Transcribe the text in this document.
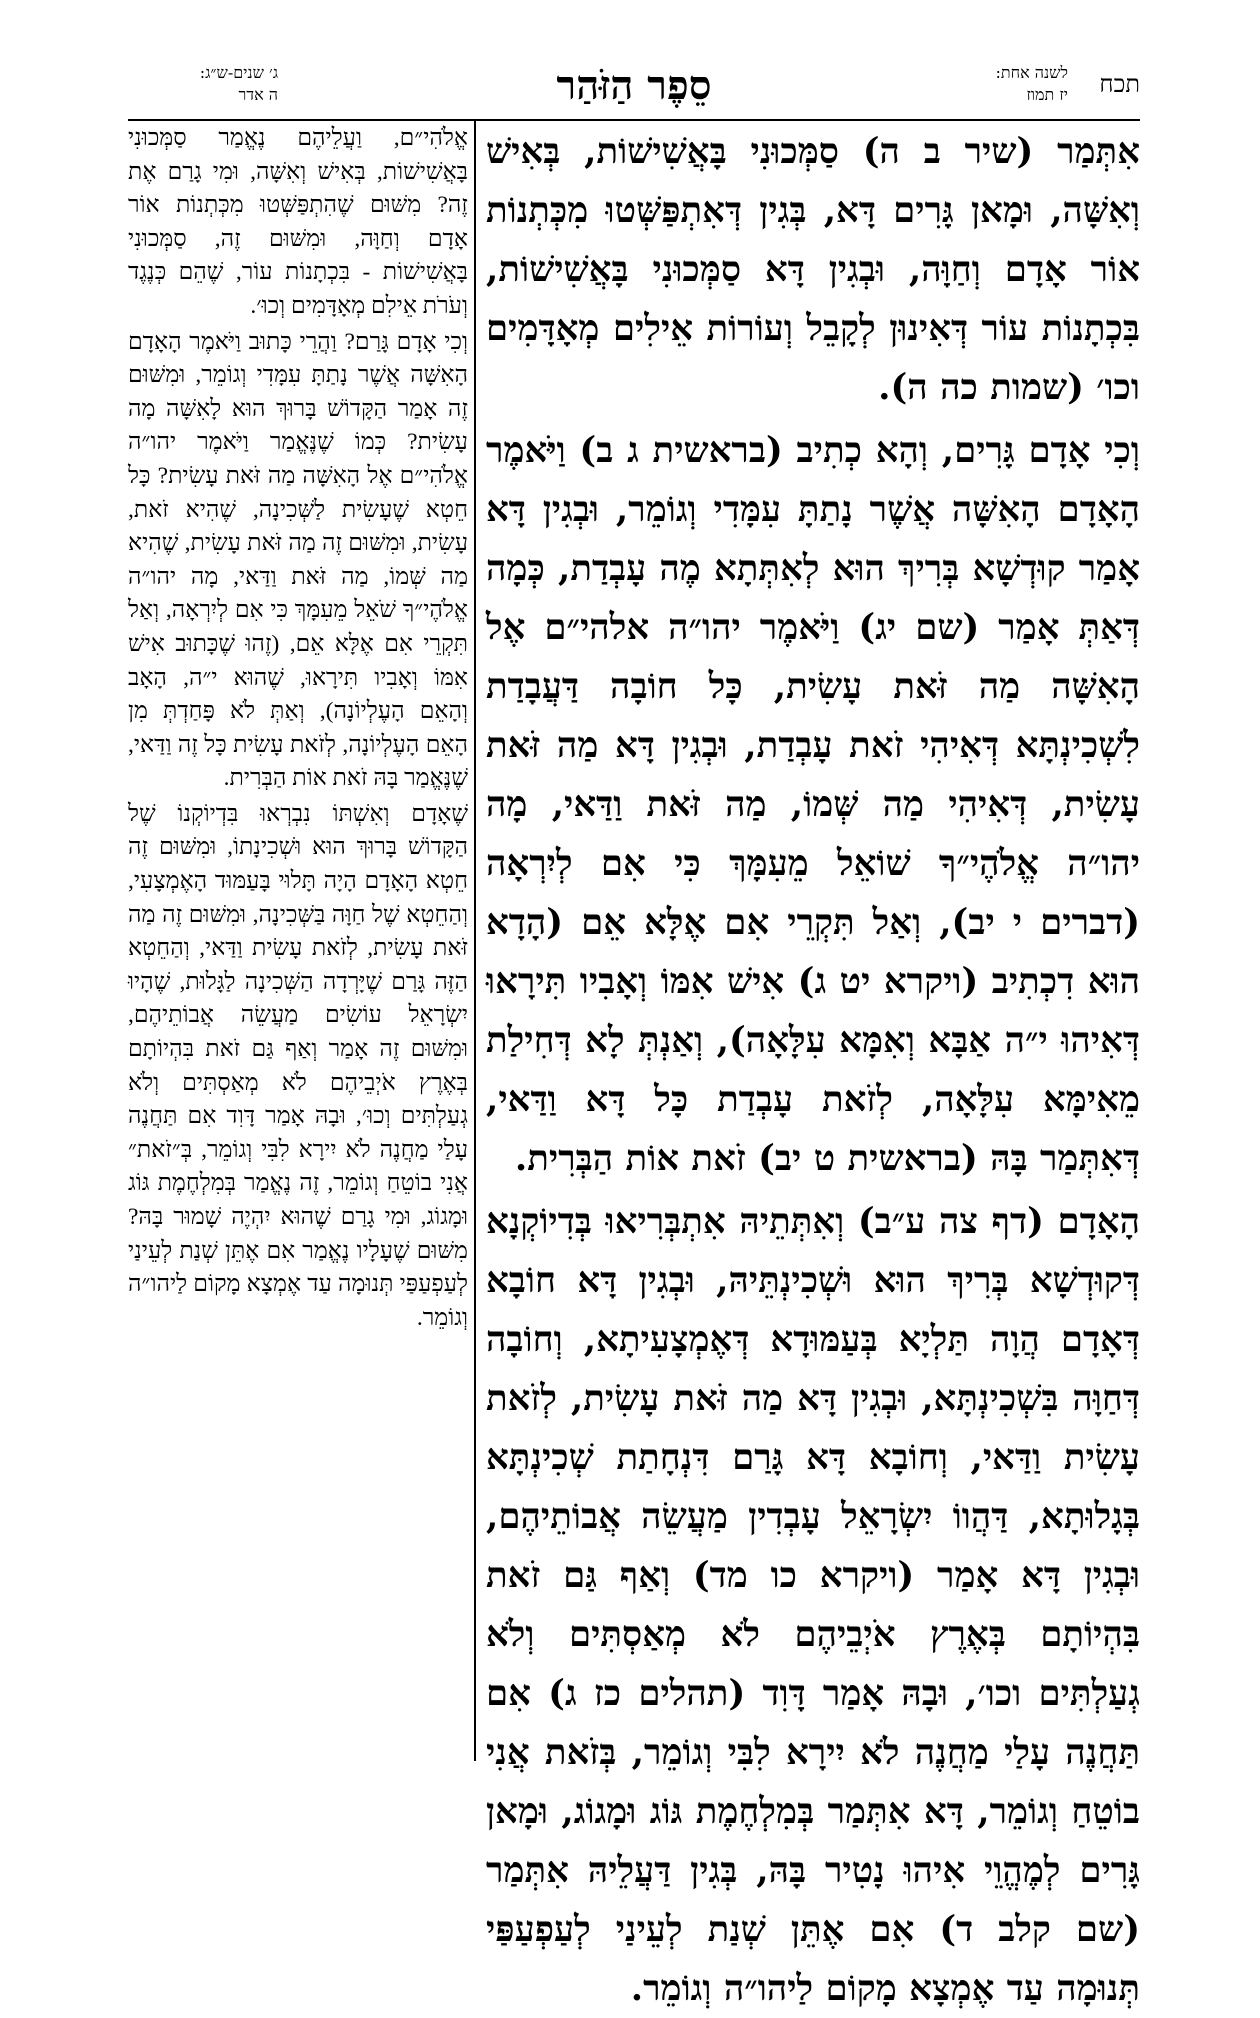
תכח
לשנה אחת:
יז תמוז
סֵפֶר הַזֹּהַר
ג׳ שנים-ש״ג:
ה אדר

אִתְּמַר (שיר ב ה) סַמְּכוּנִי בָּאֲשִׁישׁוֹת, בְּאִישׁ וְאִשָּׁה, וּמָאן גָּרִים דָּא, בְּגִין דְּאִתְפַּשְּׁטוּ מִכְּתְנוֹת אוֹר אָדָם וְחַוָּה, וּבְגִין דָּא סַמְּכוּנִי בָּאֲשִׁישׁוֹת, בִּכְתָנוֹת עוֹר דְּאִינוּן לְקָבֵל וְעוֹרוֹת אֵילִים מְאָדָּמִים וכו׳ (שמות כה ה).

וְכִי אָדָם גָּרִים, וְהָא כְתִיב (בראשית ג ב) וַיֹּאמֶר הָאָדָם הָאִשָּׁה אֲשֶׁר נָתַתָּ עִמָּדִי וְגוֹמֵר, וּבְגִין דָּא אָמַר קוּדְשָׁא בְּרִיךְ הוּא לְאִתְּתָא מֶה עָבְדַת, כְּמָה דְּאַתְּ אָמַר (שם יג) וַיֹּאמֶר יהו״ה אלהי״ם אֶל הָאִשָּׁה מַה זֹּאת עָשִׂית, כָּל חוֹבָה דַּעֲבָדַת לִשְׁכִינְתָּא דְּאִיהִי זֹאת עָבְדַת, וּבְגִין דָּא מַה זֹּאת עָשִׂית, דְּאִיהִי מַה שְּׁמוֹ, מַה זֹּאת וַדַּאי, מָה יהו״ה אֱלֹהֶי״ךָ שׁוֹאֵל מֵעִמָּךְ כִּי אִם לְיִרְאָה (דברים י יב), וְאַל תִּקְרֵי אִם אֶלָּא אֵם (הָדָא הוּא דִכְתִיב (ויקרא יט ג) אִישׁ אִמּוֹ וְאָבִיו תִּירָאוּ דְּאִיהוּ י״ה אַבָּא וְאִמָּא עִלָּאָה), וְאַנְתְּ לָא דְּחִילַת מֵאִימָּא עִלָּאָה, לְזֹאת עָבְדַת כָּל דָּא וַדַּאי, דְּאִתְּמַר בָּהּ (בראשית ט יב) זֹאת אוֹת הַבְּרִית.

הָאָדָם (דף צה ע״ב) וְאִתְּתֵיהּ אִתְבְּרִיאוּ בְּדִיוֹקְנָא דְּקוּדְשָׁא בְּרִיךְ הוּא וּשְׁכִינְתֵּיהּ, וּבְגִין דָּא חוֹבָא דְּאָדָם הֲוָה תַּלְיָא בְּעַמּוּדָא דְּאֶמְצָעִיתָא, וְחוֹבָה דְּחַוָּה בִּשְׁכִינְתָּא, וּבְגִין דָּא מַה זֹּאת עָשִׂית, לְזֹאת עָשִׂית וַדַּאי, וְחוֹבָא דָּא גָּרַם דִּנְחָתַת שְׁכִינְתָּא בְּגָלוּתָא, דַּהֲווֹ יִשְׂרָאֵל עָבְדִין מַעֲשֵׂה אֲבוֹתֵיהֶם, וּבְגִין דָּא אָמַר (ויקרא כו מד) וְאַף גַּם זֹאת בִּהְיוֹתָם בְּאֶרֶץ אֹיְבֵיהֶם לֹא מְאַסְתִּים וְלֹא גְעַלְתִּים וכו׳, וּבָהּ אָמַר דָּוִד (תהלים כז ג) אִם תַּחֲנֶה עָלַי מַחֲנֶה לֹא יִירָא לִבִּי וְגוֹמֵר, בְּזֹאת אֲנִי בוֹטֵחַ וְגוֹמֵר, דָּא אִתְּמַר בְּמִלְחֶמֶת גּוֹג וּמָגוֹג, וּמָאן גָּרִים לְמֶהֱוֵי אִיהוּ נָטִיר בָּהּ, בְּגִין דַּעֲלֵיהּ אִתְּמַר (שם קלב ד) אִם אֶתֵּן שְׁנַת לְעֵינַי לְעַפְעַפַּי תְּנוּמָה עַד אֶמְצָא מָקוֹם לַיהו״ה וְגוֹמֵר.

אֱלֹהִי״ם, וַעֲלֵיהֶם נֶאֱמַר סַמְּכוּנִי בָּאֲשִׁישׁוֹת, בְּאִישׁ וְאִשָּׁה, וּמִי גָרַם אֶת זֶה? מִשּׁוּם שֶׁהִתְפַּשְּׁטוּ מִכְּתְנוֹת אוֹר אָדָם וְחַוָּה, וּמִשּׁוּם זֶה, סַמְּכוּנִי בָּאֲשִׁישׁוֹת - בִּכְתָנוֹת עוֹר, שֶׁהֵם כְּנֶגֶד וְעֹרֹת אֵילִם מְאָדָּמִים וְכוּ׳.

וְכִי אָדָם גָּרַם? וַהֲרֵי כָּתוּב וַיֹּאמֶר הָאָדָם הָאִשָּׁה אֲשֶׁר נָתַתָּ עִמָּדִי וְגוֹמֵר, וּמִשּׁוּם זֶה אָמַר הַקָּדוֹשׁ בָּרוּךְ הוּא לָאִשָּׁה מָה עָשִׂית? כְּמוֹ שֶׁנֶּאֱמַר וַיֹּאמֶר יהו״ה אֱלֹהִי״ם אֶל הָאִשָּׁה מַה זֹּאת עָשִׂית? כָּל חֵטְא שֶׁעָשִׂית לַשְּׁכִינָה, שֶׁהִיא זֹאת, עָשִׂית, וּמִשּׁוּם זֶה מַה זֹּאת עָשִׂית, שֶׁהִיא מַה שְּׁמוֹ, מַה זֹּאת וַדַּאי, מָה יהו״ה אֱלֹהֶי״ךָ שֹׁאֵל מֵעִמָּךְ כִּי אִם לְיִרְאָה, וְאַל תִּקְרֵי אִם אֶלָּא אֵם, (זֶהוּ שֶׁכָּתוּב אִישׁ אִמּוֹ וְאָבִיו תִּירָאוּ, שֶׁהוּא י״ה, הָאָב וְהָאֵם הָעֶלְיוֹנָה), וְאַתְּ לֹא פָּחַדְתְּ מִן הָאֵם הָעֶלְיוֹנָה, לְזֹאת עָשִׂית כָּל זֶה וַדַּאי, שֶׁנֶּאֱמַר בָּהּ זֹאת אוֹת הַבְּרִית.

שֶׁאָדָם וְאִשְׁתּוֹ נִבְרְאוּ בִּדְיוֹקְנוֹ שֶׁל הַקָּדוֹשׁ בָּרוּךְ הוּא וּשְׁכִינָתוֹ, וּמִשּׁוּם זֶה חֵטְא הָאָדָם הָיָה תָּלוּי בָּעַמּוּד הָאֶמְצָעִי, וְהַחֵטְא שֶׁל חַוָּה בַּשְּׁכִינָה, וּמִשּׁוּם זֶה מַה זֹּאת עָשִׂית, לְזֹאת עָשִׂית וַדַּאי, וְהַחֵטְא הַזֶּה גָּרַם שֶׁיָּרְדָה הַשְּׁכִינָה לַגָּלוּת, שֶׁהָיוּ יִשְׂרָאֵל עוֹשִׂים מַעֲשֵׂה אֲבוֹתֵיהֶם, וּמִשּׁוּם זֶה אָמַר וְאַף גַּם זֹאת בִּהְיוֹתָם בְּאֶרֶץ אֹיְבֵיהֶם לֹא מְאַסְתִּים וְלֹא גְעַלְתִּים וְכוּ׳, וּבָהּ אָמַר דָּוִד אִם תַּחֲנֶה עָלַי מַחֲנֶה לֹא יִירָא לִבִּי וְגוֹמֵר, בְּ״זֹאת״ אֲנִי בוֹטֵחַ וְגוֹמֵר, זֶה נֶאֱמַר בְּמִלְחֶמֶת גּוֹג וּמָגוֹג, וּמִי גָרַם שֶׁהוּא יִהְיֶה שָׁמוּר בָּהּ? מִשּׁוּם שֶׁעָלָיו נֶאֱמַר אִם אֶתֵּן שְׁנַת לְעֵינַי לְעַפְעַפַּי תְּנוּמָה עַד אֶמְצָא מָקוֹם לַיהו״ה וְגוֹמֵר.
